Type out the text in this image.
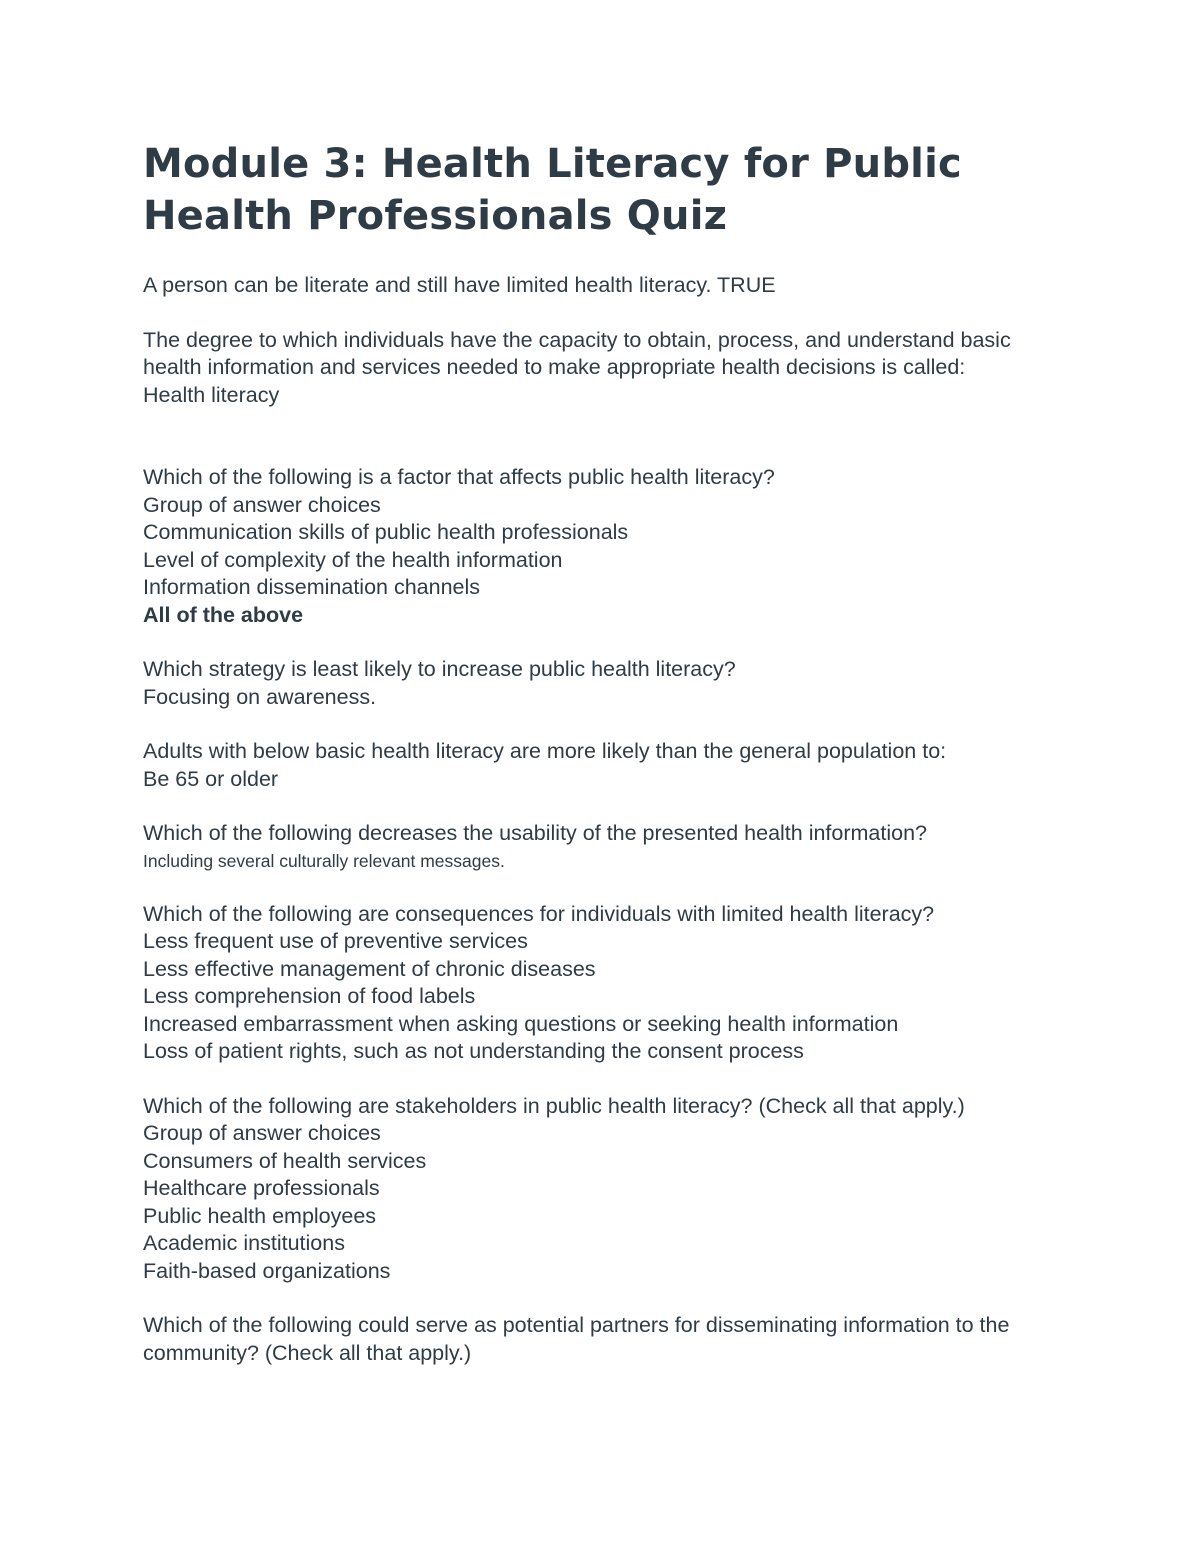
Module 3: Health Literacy for Public Health Professionals Quiz
A person can be literate and still have limited health literacy. TRUE
The degree to which individuals have the capacity to obtain, process, and understand basic health information and services needed to make appropriate health decisions is called:
Health literacy
Which of the following is a factor that affects public health literacy?
Group of answer choices
Communication skills of public health professionals
Level of complexity of the health information
Information dissemination channels
All of the above
Which strategy is least likely to increase public health literacy?
Focusing on awareness.
Adults with below basic health literacy are more likely than the general population to:
Be 65 or older
Which of the following decreases the usability of the presented health information?
Including several culturally relevant messages.
Which of the following are consequences for individuals with limited health literacy?
Less frequent use of preventive services
Less effective management of chronic diseases
Less comprehension of food labels
Increased embarrassment when asking questions or seeking health information
Loss of patient rights, such as not understanding the consent process
Which of the following are stakeholders in public health literacy? (Check all that apply.)
Group of answer choices
Consumers of health services
Healthcare professionals
Public health employees
Academic institutions
Faith-based organizations
Which of the following could serve as potential partners for disseminating information to the community? (Check all that apply.)
